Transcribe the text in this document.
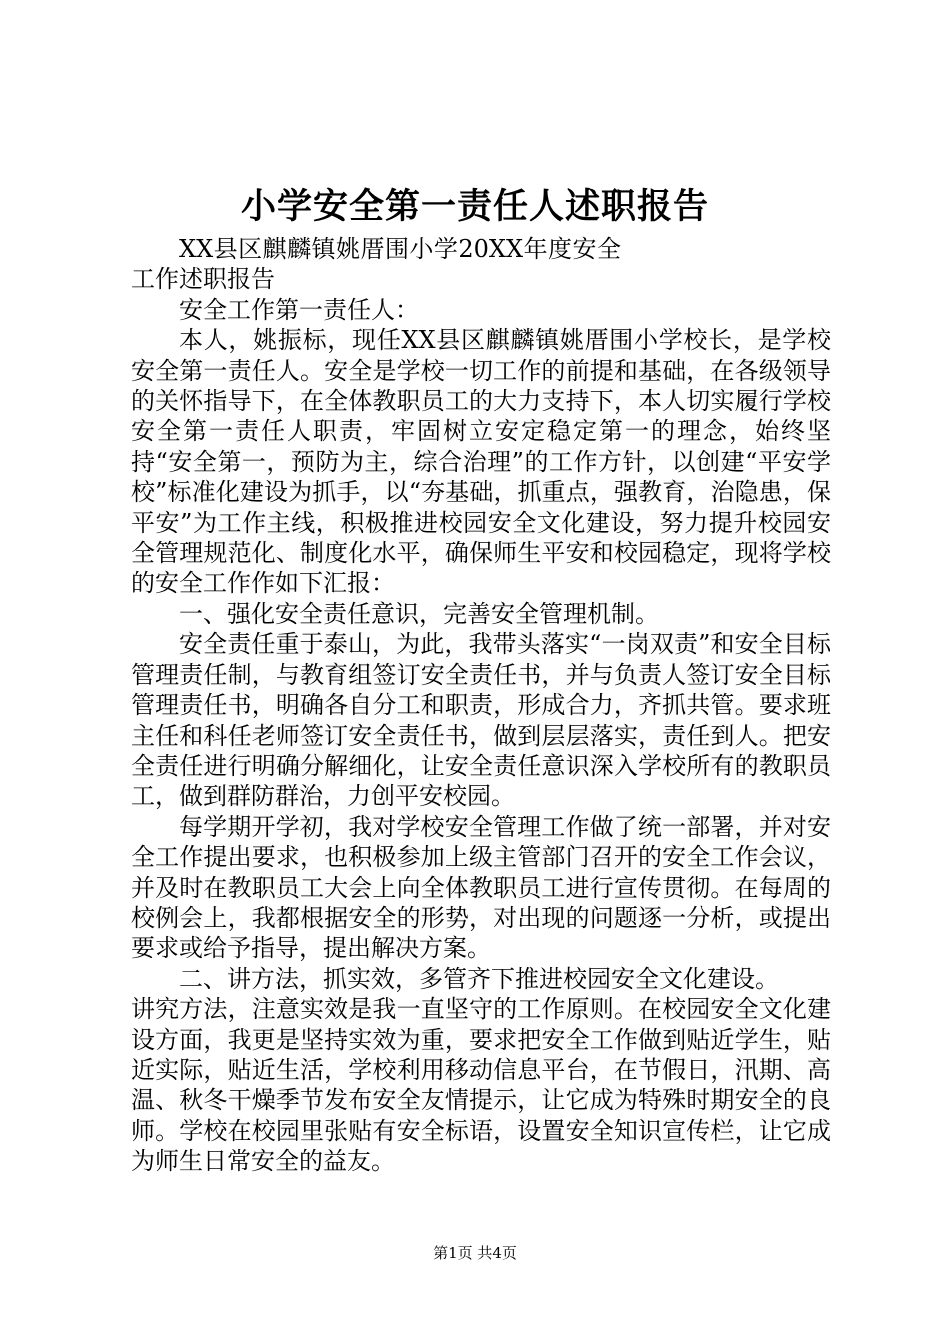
小学安全第一责任人述职报告

XX县区麒麟镇姚厝围小学20XX年度安全工作述职报告

安全工作第一责任人：

本人，姚振标，现任XX县区麒麟镇姚厝围小学校长，是学校安全第一责任人。安全是学校一切工作的前提和基础，在各级领导的关怀指导下，在全体教职员工的大力支持下，本人切实履行学校安全第一责任人职责，牢固树立安定稳定第一的理念，始终坚持“安全第一，预防为主，综合治理”的工作方针，以创建“平安学校”标准化建设为抓手，以“夯基础，抓重点，强教育，治隐患，保平安”为工作主线，积极推进校园安全文化建设，努力提升校园安全管理规范化、制度化水平，确保师生平安和校园稳定，现将学校的安全工作作如下汇报：

一、强化安全责任意识，完善安全管理机制。

安全责任重于泰山，为此，我带头落实“一岗双责”和安全目标管理责任制，与教育组签订安全责任书，并与负责人签订安全目标管理责任书，明确各自分工和职责，形成合力，齐抓共管。要求班主任和科任老师签订安全责任书，做到层层落实，责任到人。把安全责任进行明确分解细化，让安全责任意识深入学校所有的教职员工，做到群防群治，力创平安校园。

每学期开学初，我对学校安全管理工作做了统一部署，并对安全工作提出要求，也积极参加上级主管部门召开的安全工作会议，并及时在教职员工大会上向全体教职员工进行宣传贯彻。在每周的校例会上，我都根据安全的形势，对出现的问题逐一分析，或提出要求或给予指导，提出解决方案。

二、讲方法，抓实效，多管齐下推进校园安全文化建设。

讲究方法，注意实效是我一直坚守的工作原则。在校园安全文化建设方面，我更是坚持实效为重，要求把安全工作做到贴近学生，贴近实际，贴近生活，学校利用移动信息平台，在节假日，汛期、高温、秋冬干燥季节发布安全友情提示，让它成为特殊时期安全的良师。学校在校园里张贴有安全标语，设置安全知识宣传栏，让它成为师生日常安全的益友。

第1页 共4页
